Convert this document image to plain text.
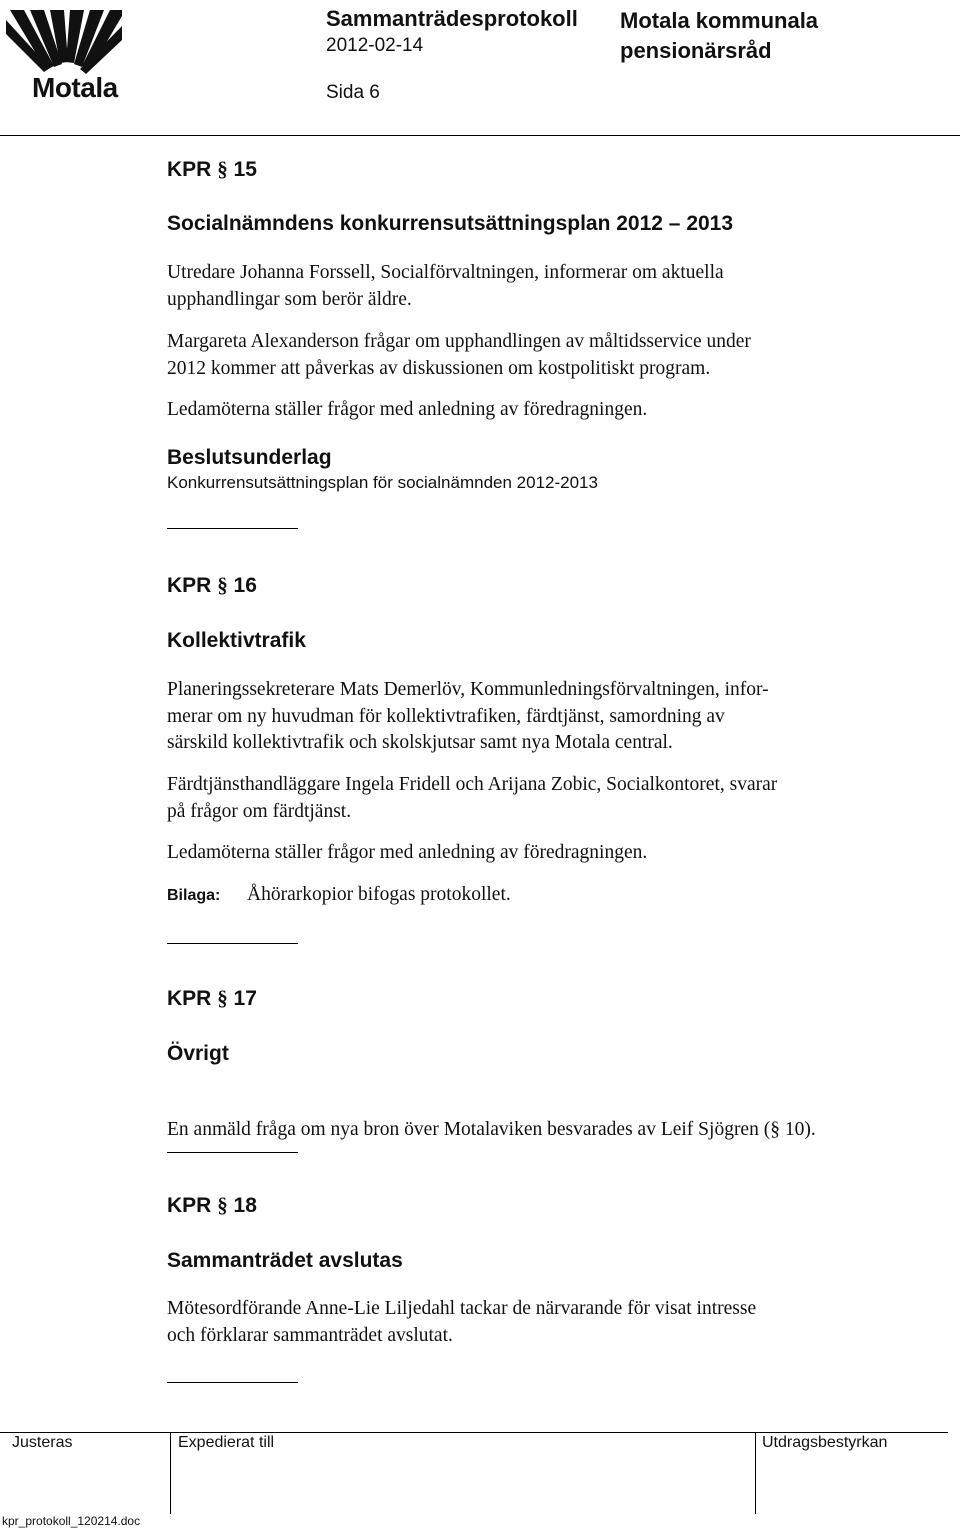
Motala
Sammanträdesprotokoll
2012-02-14
Sida 6
Motala kommunala
pensionärsråd
KPR § 15
Socialnämndens konkurrensutsättningsplan 2012 – 2013
Utredare Johanna Forssell, Socialförvaltningen, informerar om aktuella
upphandlingar som berör äldre.
Margareta Alexanderson frågar om upphandlingen av måltidsservice under
2012 kommer att påverkas av diskussionen om kostpolitiskt program.
Ledamöterna ställer frågor med anledning av föredragningen.
Beslutsunderlag
Konkurrensutsättningsplan för socialnämnden 2012-2013
KPR § 16
Kollektivtrafik
Planeringssekreterare Mats Demerlöv, Kommunledningsförvaltningen, infor-
merar om ny huvudman för kollektivtrafiken, färdtjänst, samordning av
särskild kollektivtrafik och skolskjutsar samt nya Motala central.
Färdtjänsthandläggare Ingela Fridell och Arijana Zobic, Socialkontoret, svarar
på frågor om färdtjänst.
Ledamöterna ställer frågor med anledning av föredragningen.
Bilaga: Åhörarkopior bifogas protokollet.
KPR § 17
Övrigt

En anmäld fråga om nya bron över Motalaviken besvarades av Leif Sjögren (§ 10).

KPR § 18
Sammanträdet avslutas
Mötesordförande Anne-Lie Liljedahl tackar de närvarande för visat intresse
och förklarar sammanträdet avslutat.
Justeras	Expedierat till	Utdragsbestyrkan
kpr_protokoll_120214.doc
